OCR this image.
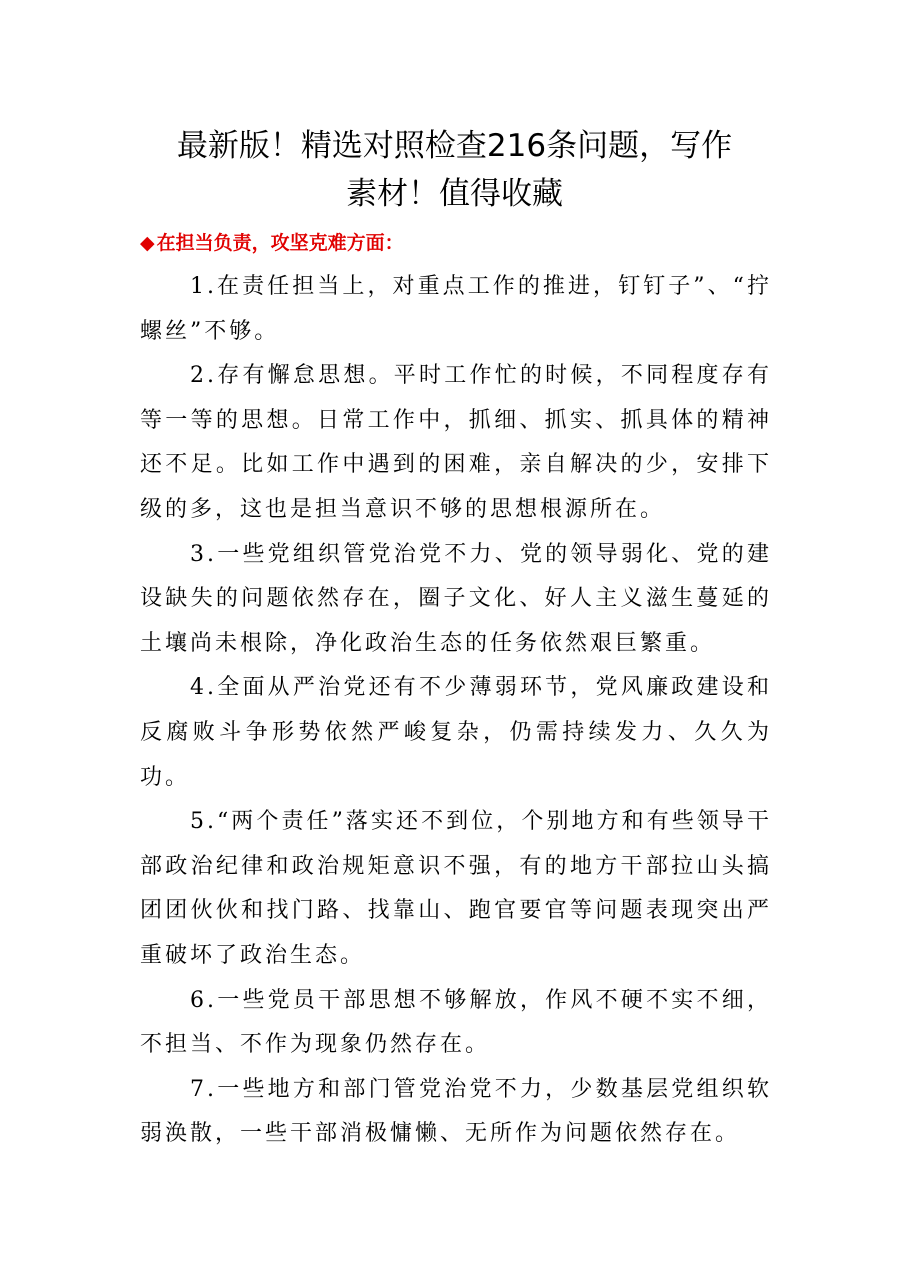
最新版！精选对照检查216条问题，写作
素材！值得收藏
◆ 在担当负责，攻坚克难方面：

1.在责任担当上，对重点工作的推进，钉钉子”、“拧螺丝”不够。

2.存有懈怠思想。平时工作忙的时候，不同程度存有等一等的思想。日常工作中，抓细、抓实、抓具体的精神还不足。比如工作中遇到的困难，亲自解决的少，安排下级的多，这也是担当意识不够的思想根源所在。

3.一些党组织管党治党不力、党的领导弱化、党的建设缺失的问题依然存在，圈子文化、好人主义滋生蔓延的土壤尚未根除，净化政治生态的任务依然艰巨繁重。

4.全面从严治党还有不少薄弱环节，党风廉政建设和反腐败斗争形势依然严峻复杂，仍需持续发力、久久为功。

5.“两个责任”落实还不到位，个别地方和有些领导干部政治纪律和政治规矩意识不强，有的地方干部拉山头搞团团伙伙和找门路、找靠山、跑官要官等问题表现突出严重破坏了政治生态。

6.一些党员干部思想不够解放，作风不硬不实不细，不担当、不作为现象仍然存在。

7.一些地方和部门管党治党不力，少数基层党组织软弱涣散，一些干部消极慵懒、无所作为问题依然存在。
